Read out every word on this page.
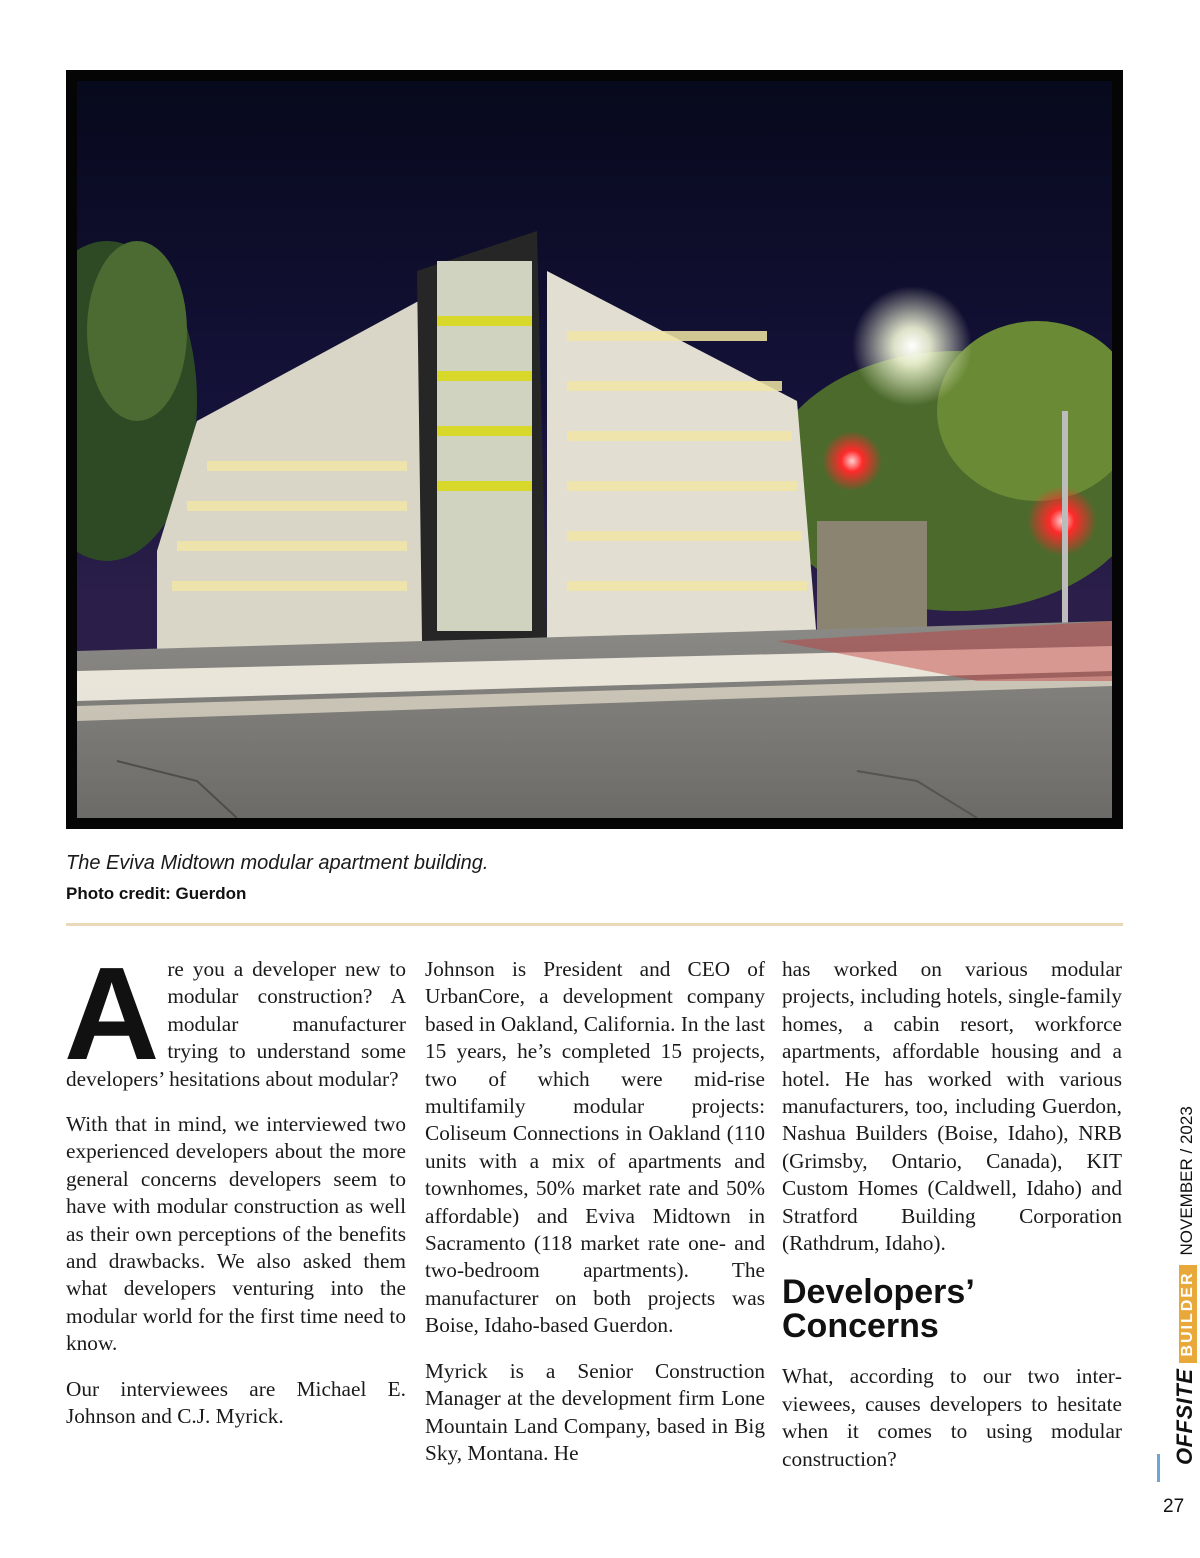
The Eviva Midtown modular apartment building.
Photo credit: Guerdon

Are you a developer new to modular construction? A modular manufacturer trying to understand some developers’ hesitations about modular?

With that in mind, we interviewed two experienced developers about the more general concerns developers seem to have with modular construction as well as their own perceptions of the benefits and drawbacks. We also asked them what developers venturing into the modular world for the first time need to know.

Our interviewees are Michael E. Johnson and C.J. Myrick.

Johnson is President and CEO of UrbanCore, a development company based in Oakland, California. In the last 15 years, he’s completed 15 projects, two of which were mid-rise multifamily modular projects: Coliseum Connections in Oakland (110 units with a mix of apartments and townhomes, 50% market rate and 50% affordable) and Eviva Midtown in Sacramento (118 market rate one- and two-bedroom apartments). The manufacturer on both projects was Boise, Idaho-based Guerdon.

Myrick is a Senior Construction Manager at the development firm Lone Mountain Land Company, based in Big Sky, Montana. He

has worked on various modular projects, including hotels, single-family homes, a cabin resort, workforce apartments, affordable housing and a hotel. He has worked with various manufacturers, too, including Guerdon, Nashua Builders (Boise, Idaho), NRB (Grimsby, Ontario, Canada), KIT Custom Homes (Caldwell, Idaho) and Stratford Building Corporation (Rathdrum, Idaho).

Developers’ Concerns

What, according to our two interviewees, causes developers to hesitate when it comes to using modular construction?	OFFSITEBUILDERNOVEMBER / 2023
27
